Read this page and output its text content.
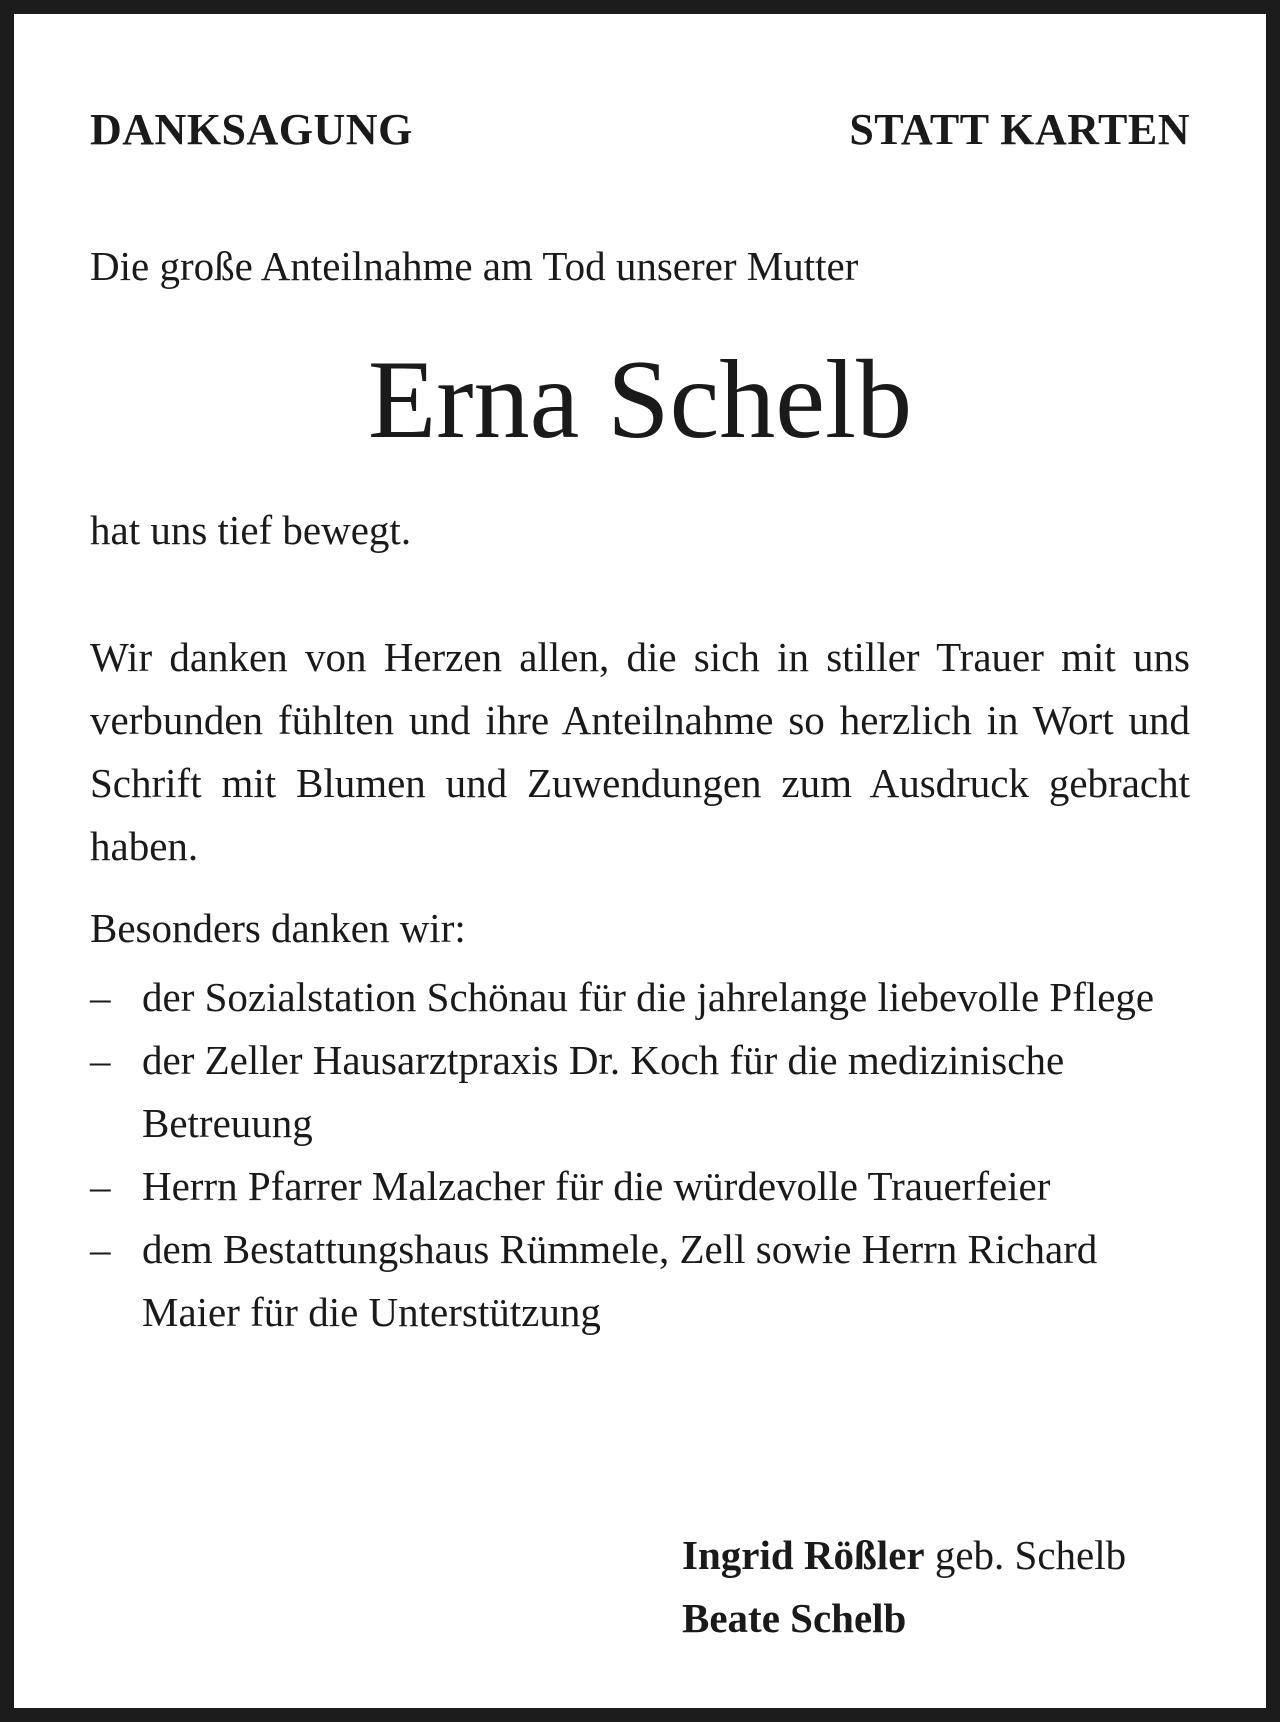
DANKSAGUNG	STATT KARTEN
Die große Anteilnahme am Tod unserer Mutter
Erna Schelb
hat uns tief bewegt.
Wir danken von Herzen allen, die sich in stiller Trauer mit uns verbunden fühlten und ihre Anteilnahme so herzlich in Wort und Schrift mit Blumen und Zuwendungen zum Ausdruck gebracht haben.
Besonders danken wir:
– der Sozialstation Schönau für die jahrelange liebevolle Pflege
– der Zeller Hausarztpraxis Dr. Koch für die medizinische Betreuung
– Herrn Pfarrer Malzacher für die würdevolle Trauerfeier
– dem Bestattungshaus Rümmele, Zell sowie Herrn Richard Maier für die Unterstützung
Ingrid Rößler geb. Schelb
Beate Schelb
